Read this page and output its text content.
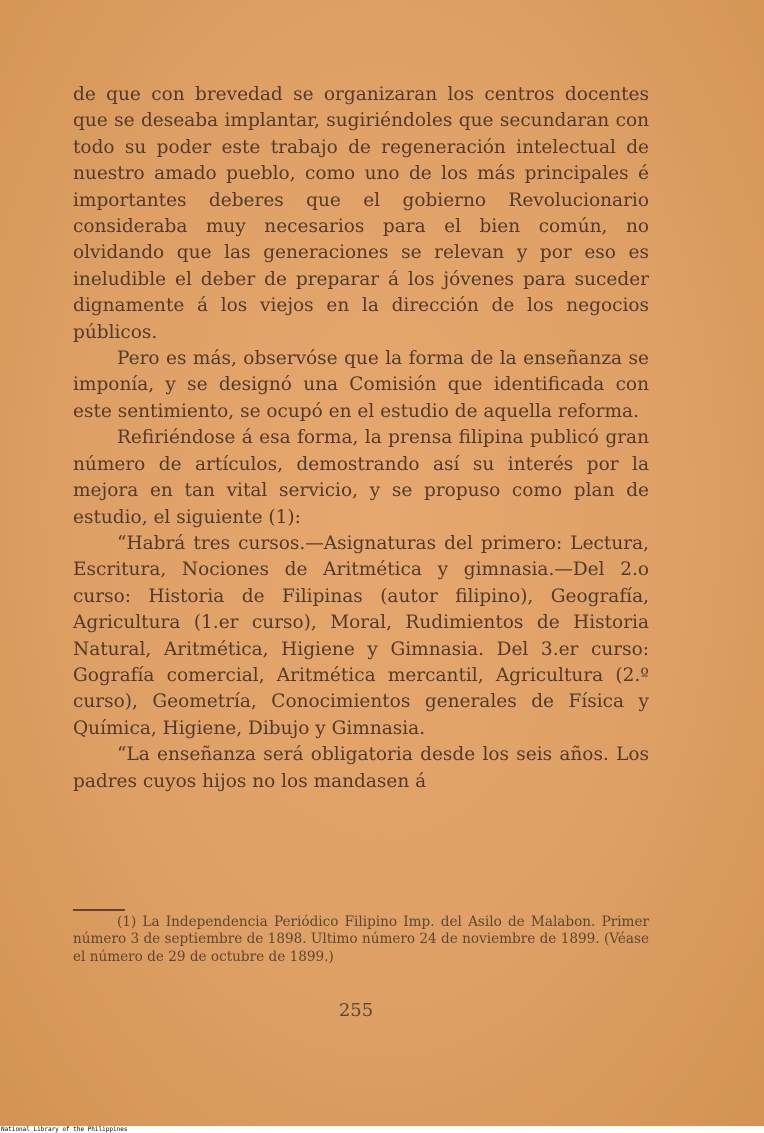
de que con brevedad se organizaran los centros docentes que se deseaba implantar, sugiriéndoles que secundaran con todo su poder este trabajo de regeneración intelectual de nuestro amado pueblo, como uno de los más principales é importantes deberes que el gobierno Revolucionario consideraba muy necesarios para el bien común, no olvidando que las generaciones se relevan y por eso es ineludible el deber de preparar á los jóvenes para suceder dignamente á los viejos en la dirección de los negocios públicos.

Pero es más, observóse que la forma de la enseñanza se imponía, y se designó una Comisión que identificada con este sentimiento, se ocupó en el estudio de aquella reforma.

Refiriéndose á esa forma, la prensa filipina publicó gran número de artículos, demostrando así su interés por la mejora en tan vital servicio, y se propuso como plan de estudio, el siguiente (1):

“Habrá tres cursos.—Asignaturas del primero: Lectura, Escritura, Nociones de Aritmética y gimnasia.—Del 2.o curso: Historia de Filipinas (autor filipino), Geografía, Agricultura (1.er curso), Moral, Rudimientos de Historia Natural, Aritmética, Higiene y Gimnasia. Del 3.er curso: Gografía comercial, Aritmética mercantil, Agricultura (2.º curso), Geometría, Conocimientos generales de Física y Química, Higiene, Dibujo y Gimnasia.

“La enseñanza será obligatoria desde los seis años. Los padres cuyos hijos no los mandasen á

(1) La Independencia Periódico Filipino Imp. del Asilo de Malabon. Primer número 3 de septiembre de 1898. Ultimo número 24 de noviembre de 1899. (Véase el número de 29 de octubre de 1899.)

255

National Library of the Philippines
